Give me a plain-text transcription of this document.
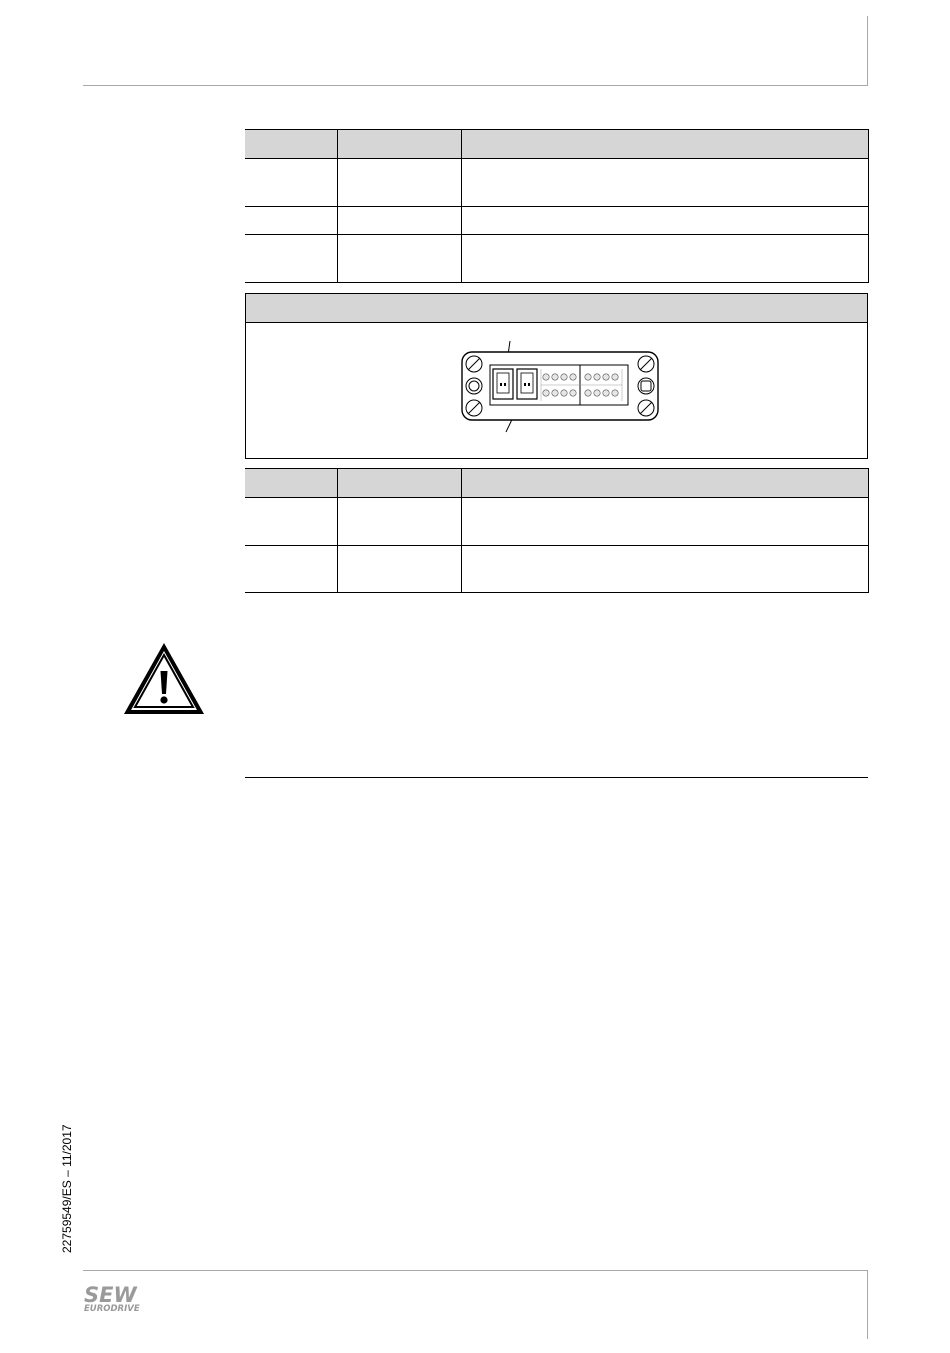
22759549/ES – 11/2017
SEW
EURODRIVE
